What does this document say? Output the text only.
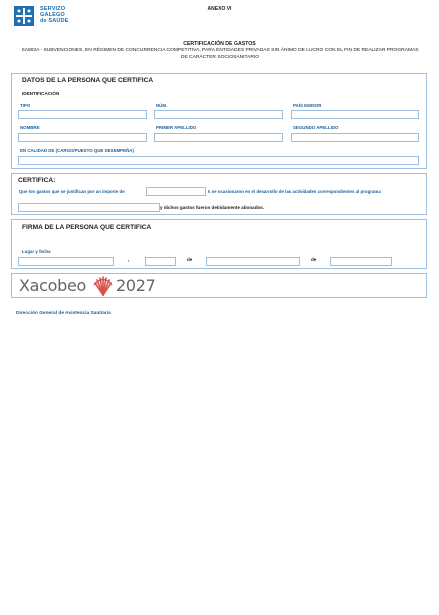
SERVIZO
GALEGO
de SAÚDE
ANEXO VI
CERTIFICACIÓN DE GASTOS
SA803A - SUBVENCIONES, EN RÉGIMEN DE CONCURRENCIA COMPETITIVA, PARA ENTIDADES PRIVADAS SIN ÁNIMO DE LUCRO CON EL FIN DE REALIZAR PROGRAMAS DE CARÁCTER SOCIOSANITARIO
DATOS DE LA PERSONA QUE CERTIFICA
IDENTIFICACIÓN
TIPO	NÚM.	PAÍS EMISOR
NOMBRE	PRIMER APELLIDO	SEGUNDO APELLIDO
EN CALIDAD DE (CARGO/PUESTO QUE DESEMPEÑA)
CERTIFICA:
Que los gastos que se justifican por un importe de	€ se ocasionaron en el desarrollo de las actividades correspondientes al programa
y dichos gastos fueron debidamente abonados.
FIRMA DE LA PERSONA QUE CERTIFICA
Lugar y fecha
,	de	de
Xacobeo 2027
Dirección General de Asistencia Sanitaria
